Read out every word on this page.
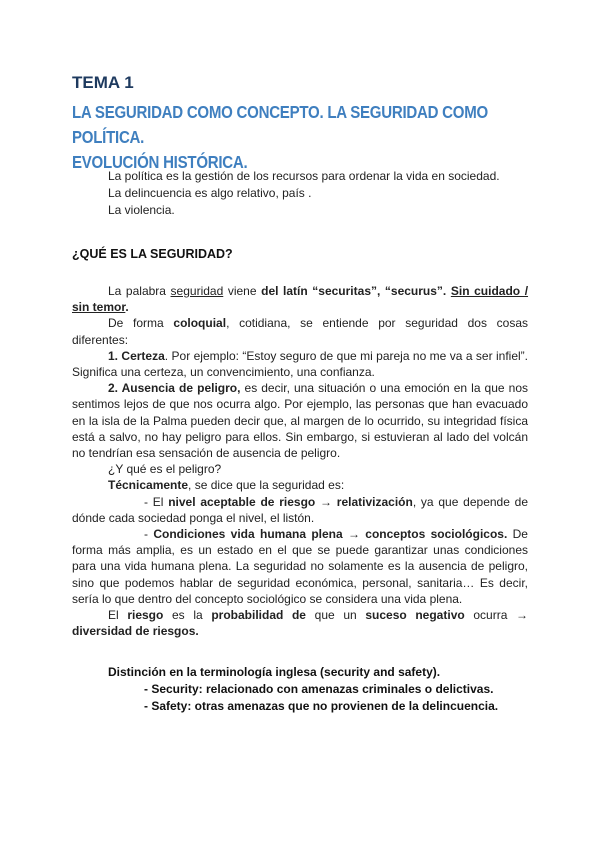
TEMA 1
LA SEGURIDAD COMO CONCEPTO. LA SEGURIDAD COMO POLÍTICA.
EVOLUCIÓN HISTÓRICA.
La política es la gestión de los recursos para ordenar la vida en sociedad.
La delincuencia es algo relativo, país .
La violencia.
¿QUÉ ES LA SEGURIDAD?

La palabra seguridad viene del latín “securitas”, “securus”. Sin cuidado / sin temor.

De forma coloquial, cotidiana, se entiende por seguridad dos cosas diferentes:

1. Certeza. Por ejemplo: “Estoy seguro de que mi pareja no me va a ser infiel”. Significa una certeza, un convencimiento, una confianza.

2. Ausencia de peligro, es decir, una situación o una emoción en la que nos sentimos lejos de que nos ocurra algo. Por ejemplo, las personas que han evacuado en la isla de la Palma pueden decir que, al margen de lo ocurrido, su integridad física está a salvo, no hay peligro para ellos. Sin embargo, si estuvieran al lado del volcán no tendrían esa sensación de ausencia de peligro.

¿Y qué es el peligro?

Técnicamente, se dice que la seguridad es:

- El nivel aceptable de riesgo → relativización, ya que depende de dónde cada sociedad ponga el nivel, el listón.

- Condiciones vida humana plena → conceptos sociológicos. De forma más amplia, es un estado en el que se puede garantizar unas condiciones para una vida humana plena. La seguridad no solamente es la ausencia de peligro, sino que podemos hablar de seguridad económica, personal, sanitaria… Es decir, sería lo que dentro del concepto sociológico se considera una vida plena.

El riesgo es la probabilidad de que un suceso negativo ocurra → diversidad de riesgos.

Distinción en la terminología inglesa (security and safety).
- Security: relacionado con amenazas criminales o delictivas.
- Safety: otras amenazas que no provienen de la delincuencia.
